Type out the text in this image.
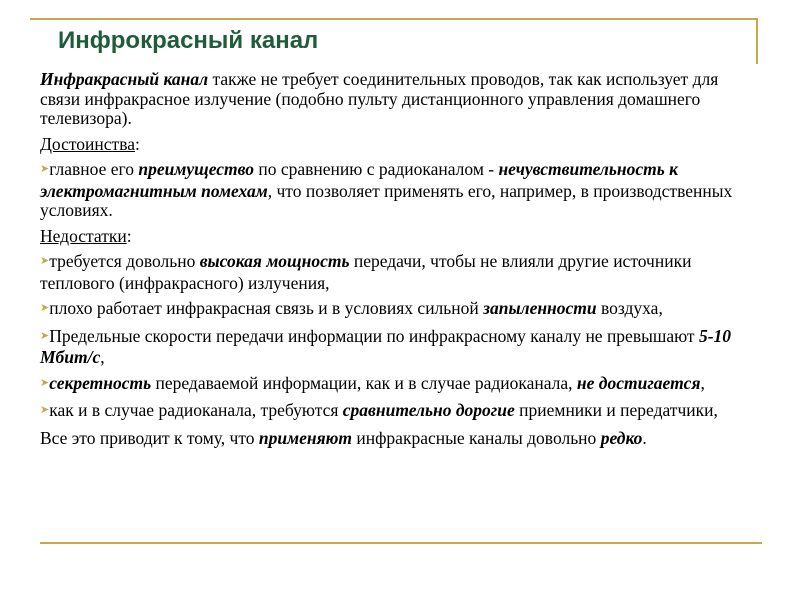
Инфрокрасный канал

Инфракрасный канал также не требует соединительных проводов, так как использует для связи инфракрасное излучение (подобно пульту дистанционного управления домашнего телевизора).

Достоинства:

➤главное его преимущество по сравнению с радиоканалом - нечувствительность к электромагнитным помехам, что позволяет применять его, например, в производственных условиях.

Недостатки:

➤требуется довольно высокая мощность передачи, чтобы не влияли другие источники теплового (инфракрасного) излучения,

➤плохо работает инфракрасная связь и в условиях сильной запыленности воздуха,

➤Предельные скорости передачи информации по инфракрасному каналу не превышают 5-10 Мбит/с,

➤секретность передаваемой информации, как и в случае радиоканала, не достигается,

➤как и в случае радиоканала, требуются сравнительно дорогие приемники и передатчики,

Все это приводит к тому, что применяют инфракрасные каналы довольно редко.
